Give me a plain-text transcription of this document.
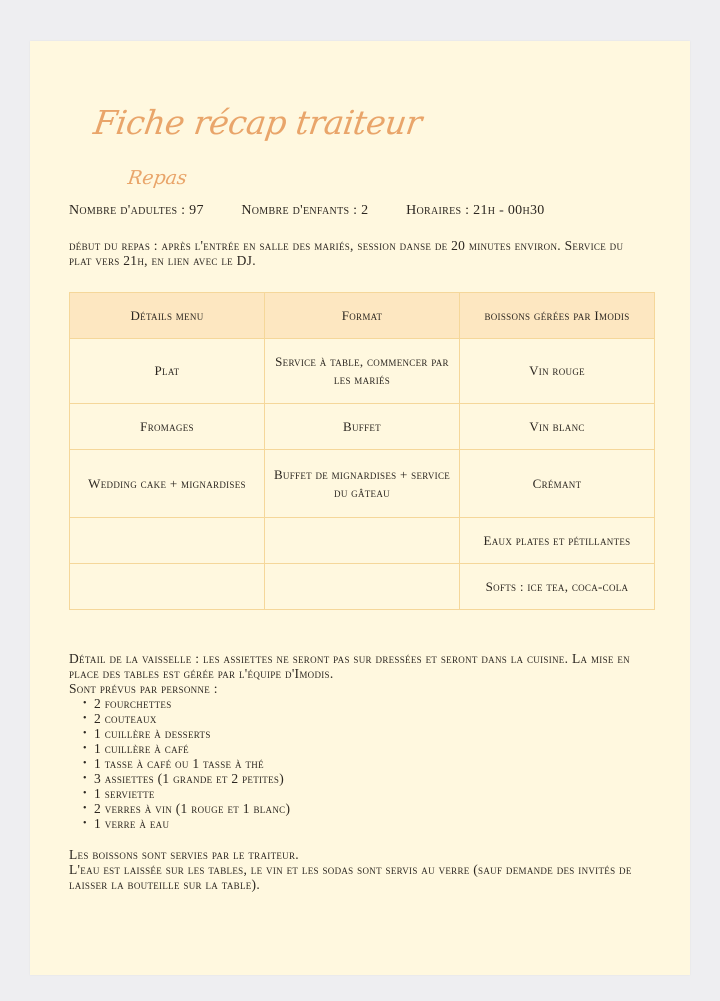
Fiche récap traiteur
Repas
Nombre d'adultes : 97	Nombre d'enfants : 2	Horaires : 21h - 00h30
début du repas : après l'entrée en salle des mariés, session danse de 20 minutes environ. Service du plat vers 21h, en lien avec le DJ.
Détails menu	Format	boissons gérées par Imodis
Plat	Service à table, commencer par les mariés	Vin rouge
Fromages	Buffet	Vin blanc
Wedding cake + mignardises	Buffet de mignardises + service du gâteau	Crémant
		Eaux plates et pétillantes
		Softs : ice tea, coca-cola

Détail de la vaisselle : les assiettes ne seront pas sur dressées et seront dans la cuisine. La mise en place des tables est gérée par l'équipe d'Imodis.

Sont prévus par personne :

• 2 fourchettes
• 2 couteaux
• 1 cuillère à desserts
• 1 cuillère à café
• 1 tasse à café ou 1 tasse à thé
• 3 assiettes (1 grande et 2 petites)
• 1 serviette
• 2 verres à vin (1 rouge et 1 blanc)
• 1 verre à eau

Les boissons sont servies par le traiteur.

L'eau est laissée sur les tables, le vin et les sodas sont servis au verre (sauf demande des invités de laisser la bouteille sur la table).
